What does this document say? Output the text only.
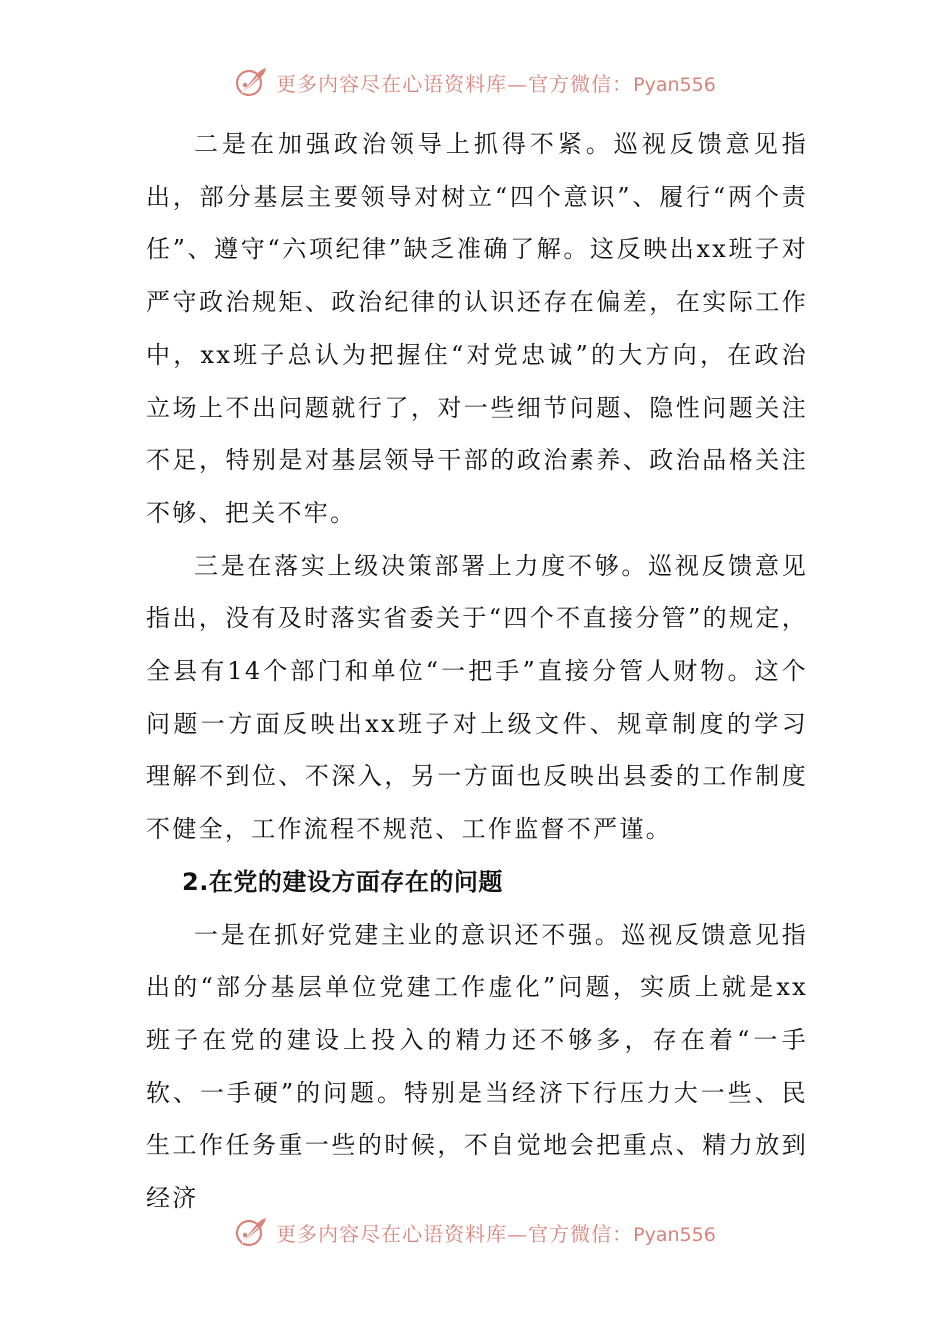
更多内容尽在心语资料库—官方微信：Pyan556

二是在加强政治领导上抓得不紧。巡视反馈意见指出，部分基层主要领导对树立“四个意识”、履行“两个责任”、遵守“六项纪律”缺乏准确了解。这反映出xx班子对严守政治规矩、政治纪律的认识还存在偏差，在实际工作中，xx班子总认为把握住“对党忠诚”的大方向，在政治立场上不出问题就行了，对一些细节问题、隐性问题关注不足，特别是对基层领导干部的政治素养、政治品格关注不够、把关不牢。

三是在落实上级决策部署上力度不够。巡视反馈意见指出，没有及时落实省委关于“四个不直接分管”的规定，全县有14个部门和单位“一把手”直接分管人财物。这个问题一方面反映出xx班子对上级文件、规章制度的学习理解不到位、不深入，另一方面也反映出县委的工作制度不健全，工作流程不规范、工作监督不严谨。

2.在党的建设方面存在的问题

一是在抓好党建主业的意识还不强。巡视反馈意见指出的“部分基层单位党建工作虚化”问题，实质上就是xx班子在党的建设上投入的精力还不够多，存在着“一手软、一手硬”的问题。特别是当经济下行压力大一些、民生工作任务重一些的时候，不自觉地会把重点、精力放到经济

更多内容尽在心语资料库—官方微信：Pyan556
